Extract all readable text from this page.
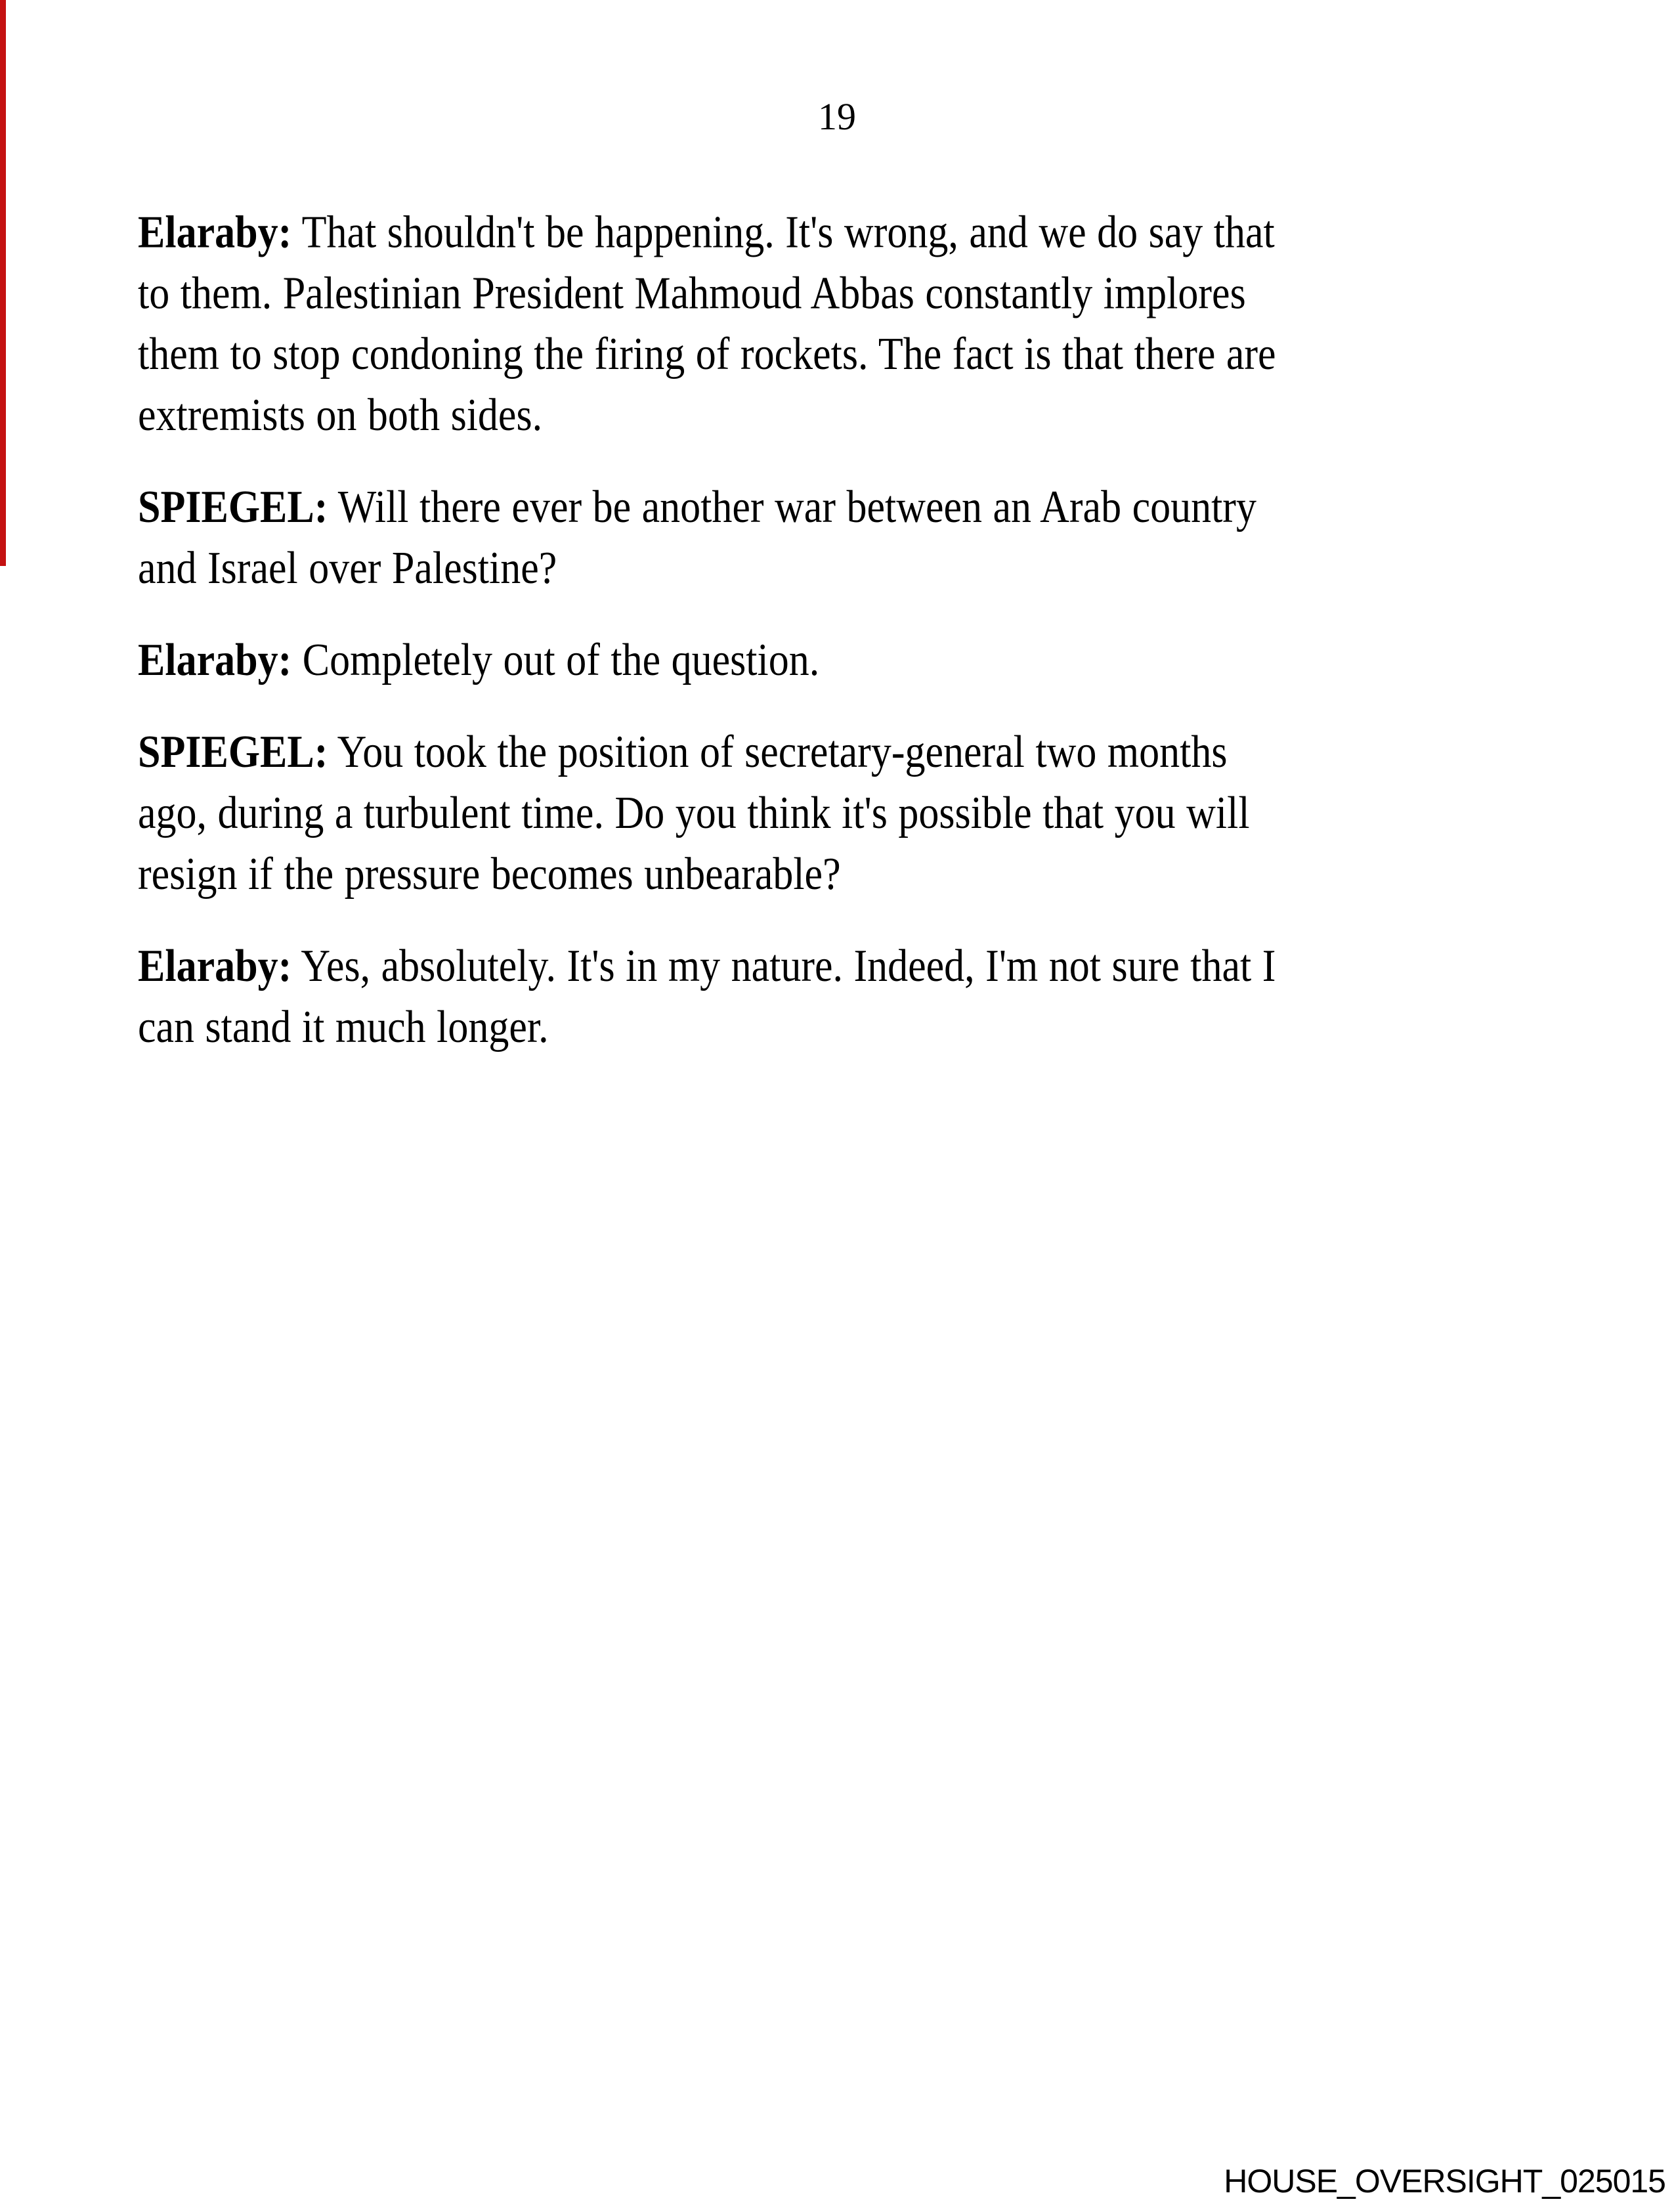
19

Elaraby: That shouldn't be happening. It's wrong, and we do say that
to them. Palestinian President Mahmoud Abbas constantly implores
them to stop condoning the firing of rockets. The fact is that there are
extremists on both sides.

SPIEGEL: Will there ever be another war between an Arab country
and Israel over Palestine?

Elaraby: Completely out of the question.

SPIEGEL: You took the position of secretary-general two months
ago, during a turbulent time. Do you think it's possible that you will
resign if the pressure becomes unbearable?

Elaraby: Yes, absolutely. It's in my nature. Indeed, I'm not sure that I
can stand it much longer.

HOUSE_OVERSIGHT_025015
